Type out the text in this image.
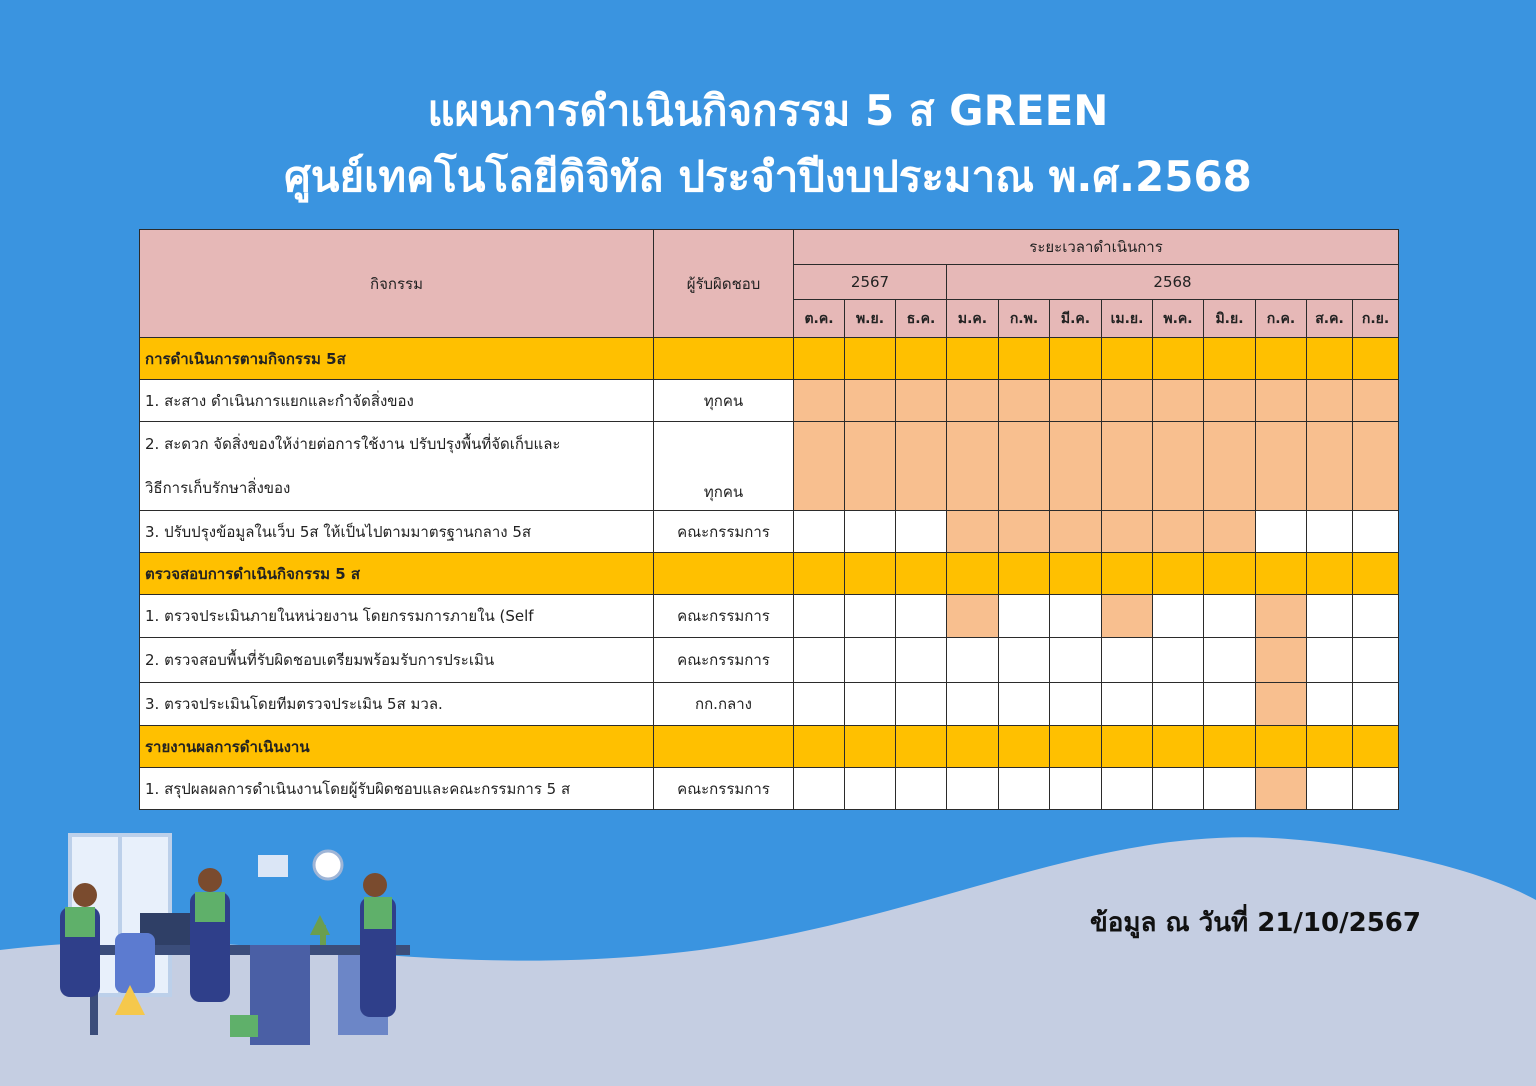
แผนการดำเนินกิจกรรม 5 ส GREEN
ศูนย์เทคโนโลยีดิจิทัล ประจำปีงบประมาณ พ.ศ.2568
กิจกรรม	ผู้รับผิดชอบ	ระยะเวลาดำเนินการ											
		2567			2568								
		ต.ค.	พ.ย.	ธ.ค.	ม.ค.	ก.พ.	มี.ค.	เม.ย.	พ.ค.	มิ.ย.	ก.ค.	ส.ค.	ก.ย.
การดำเนินการตามกิจกรรม 5ส													
1. สะสาง ดำเนินการแยกและกำจัดสิ่งของ	ทุกคน												

2. สะดวก จัดสิ่งของให้ง่ายต่อการใช้งาน ปรับปรุงพื้นที่จัดเก็บและ
วิธีการเก็บรักษาสิ่งของ	ทุกคน												
3. ปรับปรุงข้อมูลในเว็บ 5ส ให้เป็นไปตามมาตรฐานกลาง 5ส	คณะกรรมการ												
ตรวจสอบการดำเนินกิจกรรม 5 ส													
1. ตรวจประเมินภายในหน่วยงาน โดยกรรมการภายใน (Self	คณะกรรมการ												
2. ตรวจสอบพื้นที่รับผิดชอบเตรียมพร้อมรับการประเมิน	คณะกรรมการ												
3. ตรวจประเมินโดยทีมตรวจประเมิน 5ส มวล.	กก.กลาง												
รายงานผลการดำเนินงาน													
1. สรุปผลผลการดำเนินงานโดยผู้รับผิดชอบและคณะกรรมการ 5 ส	คณะกรรมการ												
ข้อมูล ณ วันที่ 21/10/2567
